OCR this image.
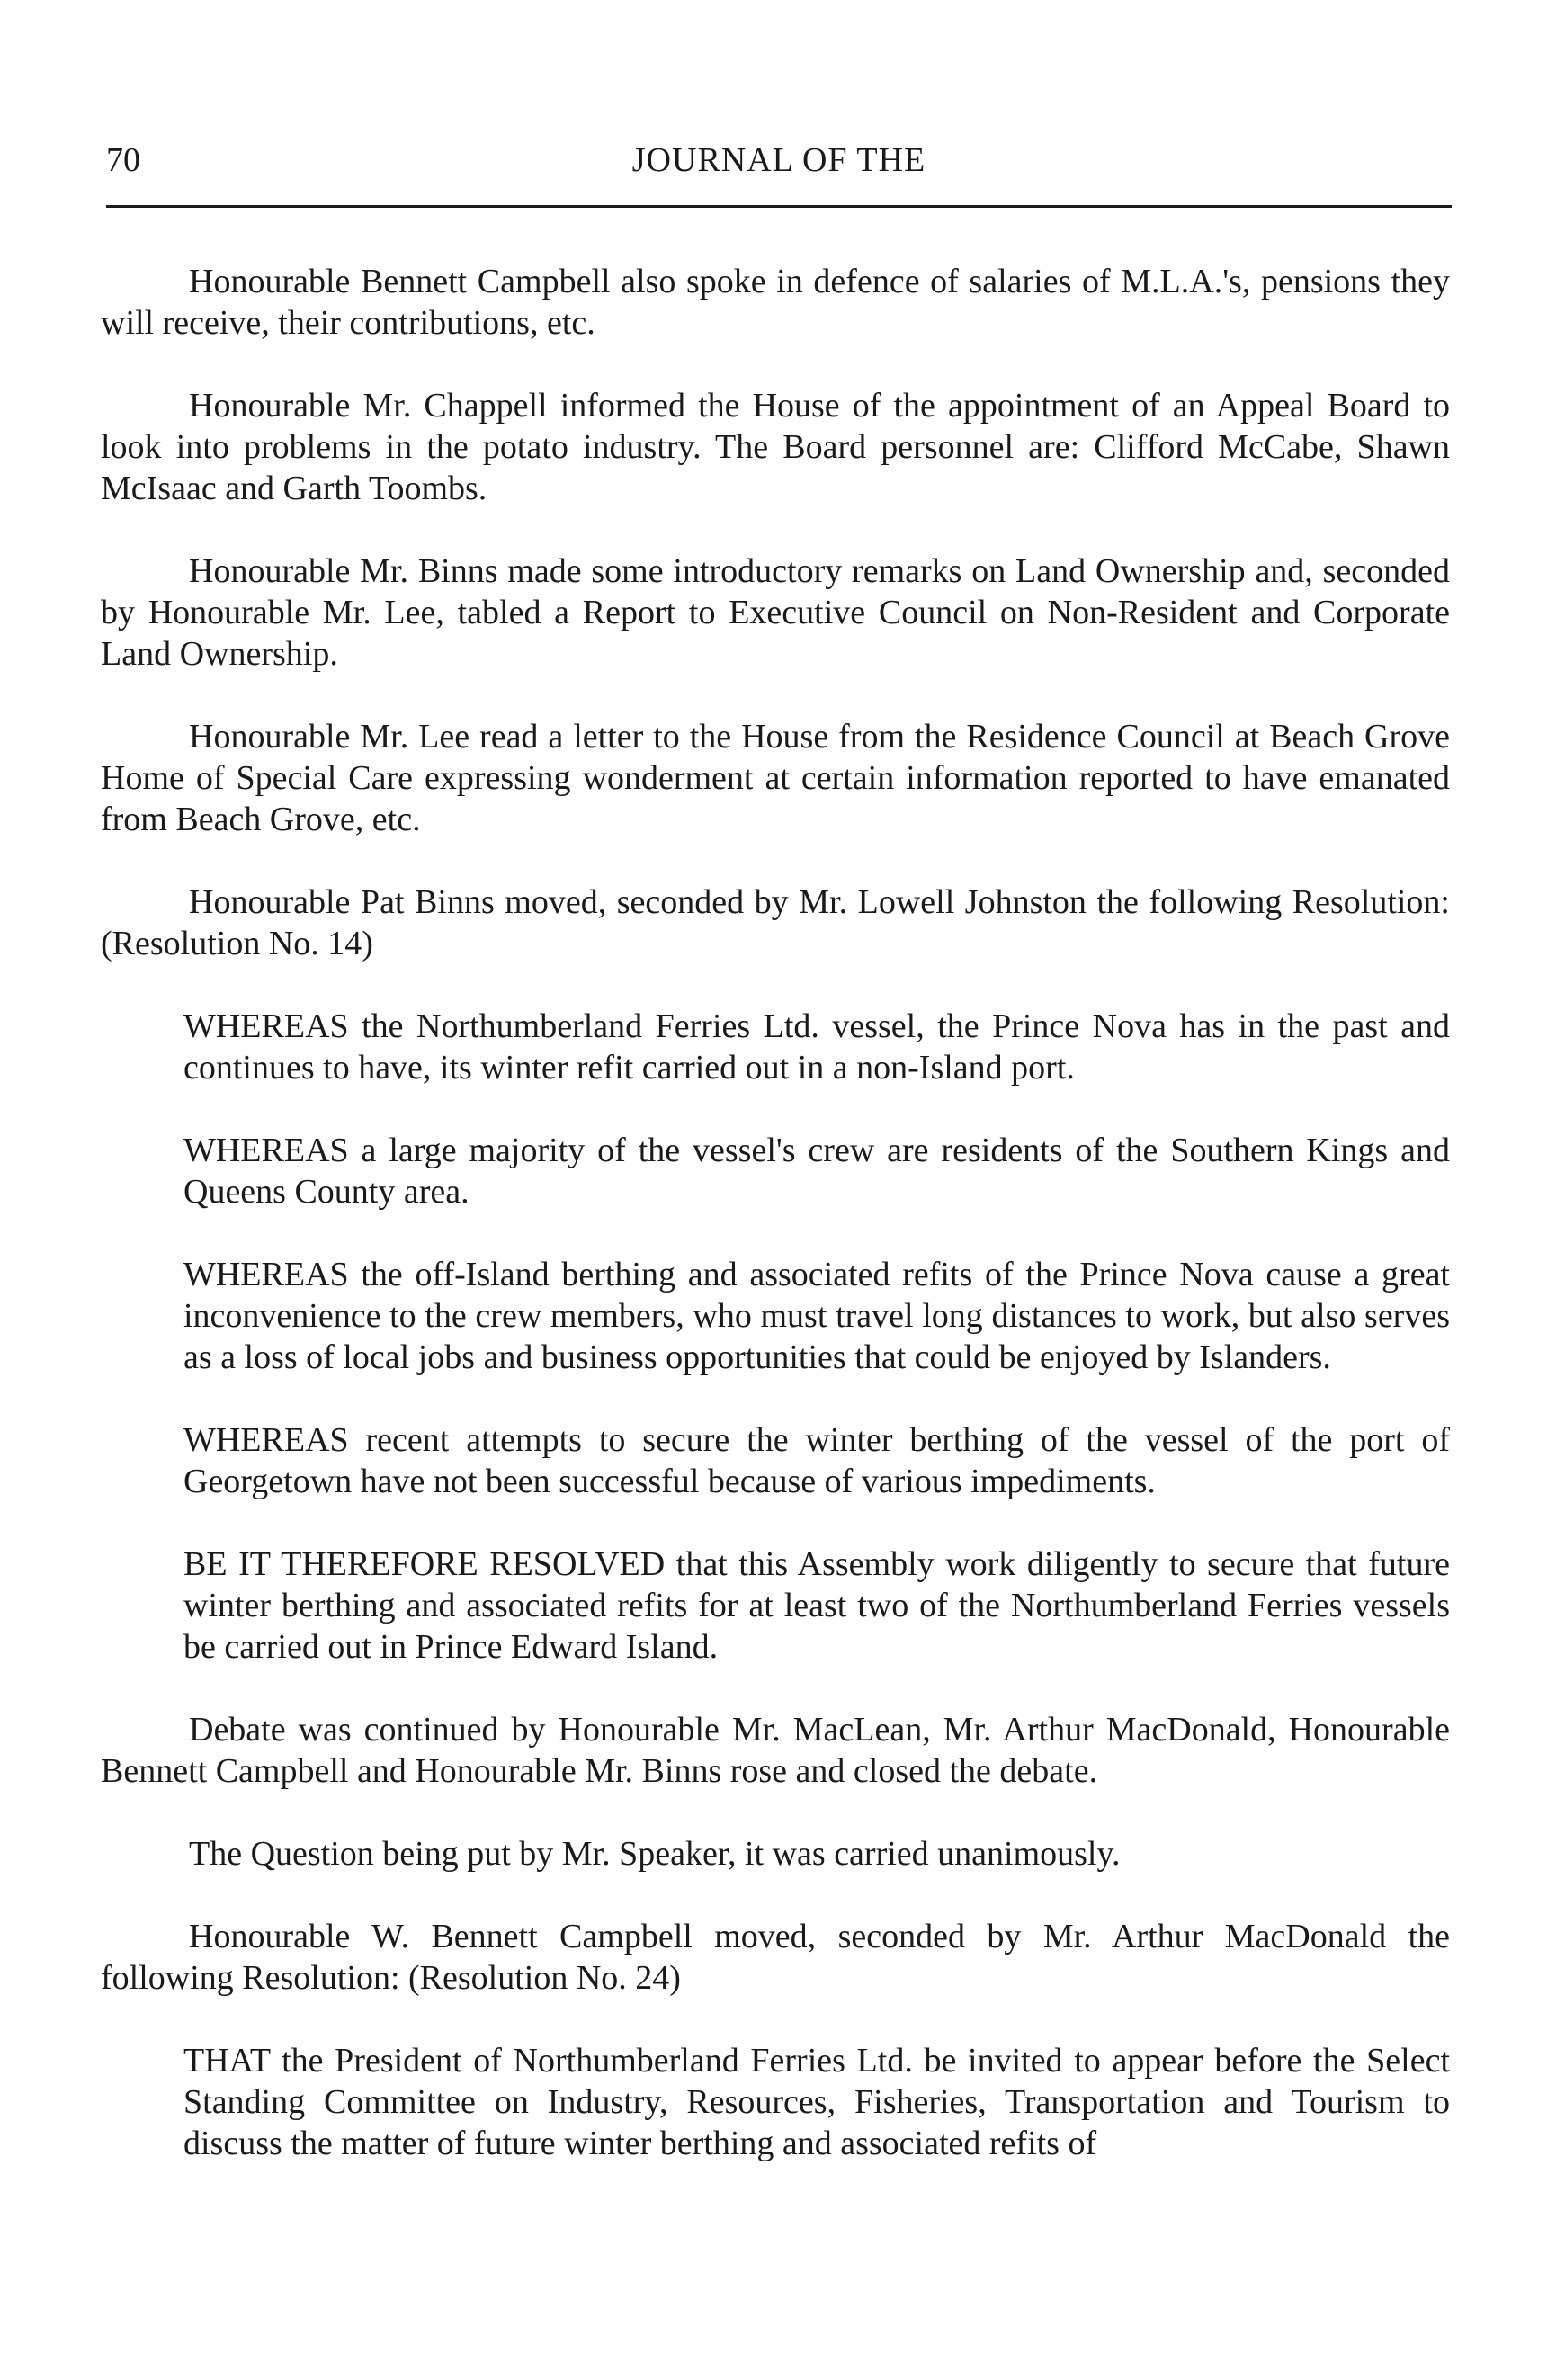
70	JOURNAL OF THE

Honourable Bennett Campbell also spoke in defence of salaries of M.L.A.'s, pensions they will receive, their contributions, etc.

Honourable Mr. Chappell informed the House of the appointment of an Appeal Board to look into problems in the potato industry. The Board personnel are: Clifford McCabe, Shawn McIsaac and Garth Toombs.

Honourable Mr. Binns made some introductory remarks on Land Ownership and, seconded by Honourable Mr. Lee, tabled a Report to Executive Council on Non-Resident and Corporate Land Ownership.

Honourable Mr. Lee read a letter to the House from the Residence Council at Beach Grove Home of Special Care expressing wonderment at certain information reported to have emanated from Beach Grove, etc.

Honourable Pat Binns moved, seconded by Mr. Lowell Johnston the following Resolution: (Resolution No. 14)

WHEREAS the Northumberland Ferries Ltd. vessel, the Prince Nova has in the past and continues to have, its winter refit carried out in a non-Island port.

WHEREAS a large majority of the vessel's crew are residents of the Southern Kings and Queens County area.

WHEREAS the off-Island berthing and associated refits of the Prince Nova cause a great inconvenience to the crew members, who must travel long distances to work, but also serves as a loss of local jobs and business opportunities that could be enjoyed by Islanders.

WHEREAS recent attempts to secure the winter berthing of the vessel of the port of Georgetown have not been successful because of various impediments.

BE IT THEREFORE RESOLVED that this Assembly work diligently to secure that future winter berthing and associated refits for at least two of the Northumberland Ferries vessels be carried out in Prince Edward Island.

Debate was continued by Honourable Mr. MacLean, Mr. Arthur MacDonald, Honourable Bennett Campbell and Honourable Mr. Binns rose and closed the debate.

The Question being put by Mr. Speaker, it was carried unanimously.

Honourable W. Bennett Campbell moved, seconded by Mr. Arthur MacDonald the following Resolution: (Resolution No. 24)

THAT the President of Northumberland Ferries Ltd. be invited to appear before the Select Standing Committee on Industry, Resources, Fisheries, Transportation and Tourism to discuss the matter of future winter berthing and associated refits of
